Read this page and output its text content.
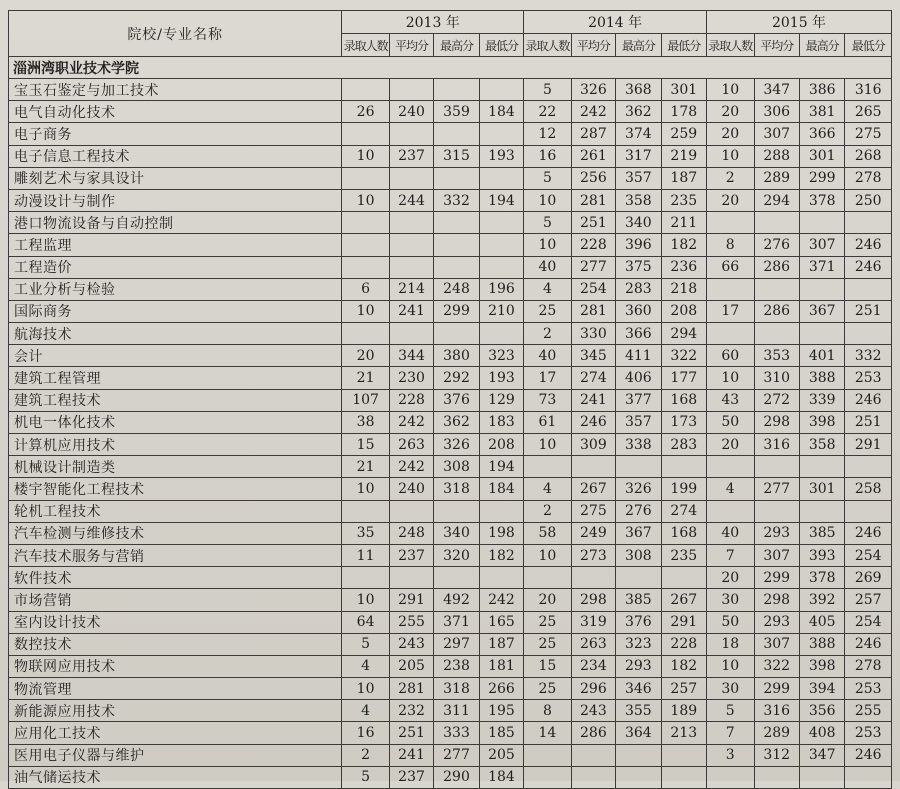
院校/专业名称	2013 年				2014 年				2015 年			
	录取人数	平均分	最高分	最低分	录取人数	平均分	最高分	最低分	录取人数	平均分	最高分	最低分
淄洲湾职业技术学院												
宝玉石鉴定与加工技术					5	326	368	301	10	347	386	316
电气自动化技术	26	240	359	184	22	242	362	178	20	306	381	265
电子商务					12	287	374	259	20	307	366	275
电子信息工程技术	10	237	315	193	16	261	317	219	10	288	301	268
雕刻艺术与家具设计					5	256	357	187	2	289	299	278
动漫设计与制作	10	244	332	194	10	281	358	235	20	294	378	250
港口物流设备与自动控制					5	251	340	211				
工程监理					10	228	396	182	8	276	307	246
工程造价					40	277	375	236	66	286	371	246
工业分析与检验	6	214	248	196	4	254	283	218				
国际商务	10	241	299	210	25	281	360	208	17	286	367	251
航海技术					2	330	366	294				
会计	20	344	380	323	40	345	411	322	60	353	401	332
建筑工程管理	21	230	292	193	17	274	406	177	10	310	388	253
建筑工程技术	107	228	376	129	73	241	377	168	43	272	339	246
机电一体化技术	38	242	362	183	61	246	357	173	50	298	398	251
计算机应用技术	15	263	326	208	10	309	338	283	20	316	358	291
机械设计制造类	21	242	308	194								
楼宇智能化工程技术	10	240	318	184	4	267	326	199	4	277	301	258
轮机工程技术					2	275	276	274				
汽车检测与维修技术	35	248	340	198	58	249	367	168	40	293	385	246
汽车技术服务与营销	11	237	320	182	10	273	308	235	7	307	393	254
软件技术									20	299	378	269
市场营销	10	291	492	242	20	298	385	267	30	298	392	257
室内设计技术	64	255	371	165	25	319	376	291	50	293	405	254
数控技术	5	243	297	187	25	263	323	228	18	307	388	246
物联网应用技术	4	205	238	181	15	234	293	182	10	322	398	278
物流管理	10	281	318	266	25	296	346	257	30	299	394	253
新能源应用技术	4	232	311	195	8	243	355	189	5	316	356	255
应用化工技术	16	251	333	185	14	286	364	213	7	289	408	253
医用电子仪器与维护	2	241	277	205					3	312	347	246
油气储运技术	5	237	290	184								
